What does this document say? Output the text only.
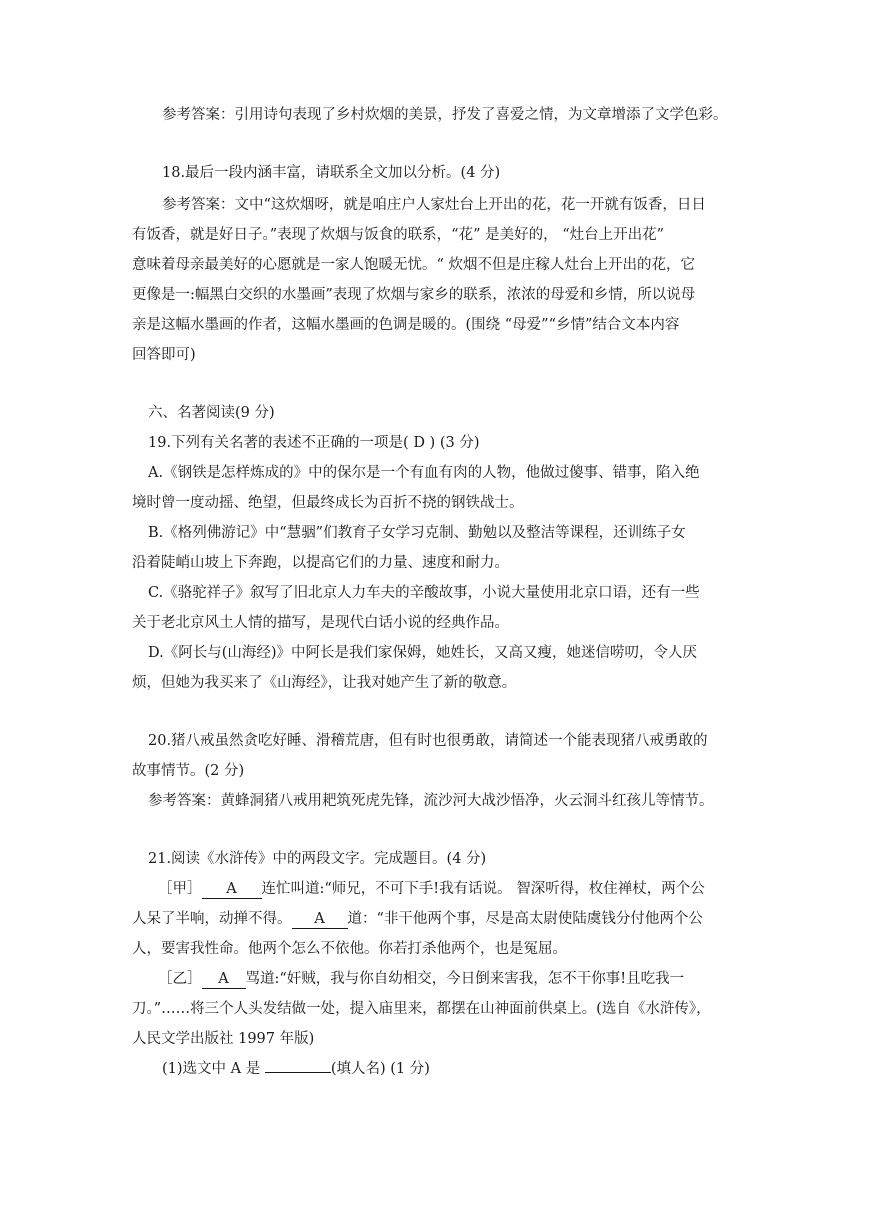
参考答案：引用诗句表现了乡村炊烟的美景，抒发了喜爱之情，为文章增添了文学色彩。
18.最后一段内涵丰富，请联系全文加以分析。(4 分)
参考答案：文中“这炊烟呀，就是咱庄户人家灶台上开出的花，花一开就有饭香，日日
有饭香，就是好日子。”表现了炊烟与饭食的联系，“花” 是美好的， “灶台上开出花”
意味着母亲最美好的心愿就是一家人饱暖无忧。“ 炊烟不但是庄稼人灶台上开出的花，它
更像是一:幅黑白交织的水墨画”表现了炊烟与家乡的联系，浓浓的母爱和乡情，所以说母
亲是这幅水墨画的作者，这幅水墨画的色调是暖的。(围绕 “母爱”“乡情”结合文本内容
回答即可)
六、名著阅读(9 分)
19.下列有关名著的表述不正确的一项是( D ) (3 分)
A.《钢铁是怎样炼成的》中的保尔是一个有血有肉的人物，他做过傻事、错事，陷入绝
境时曾一度动摇、绝望，但最终成长为百折不挠的钢铁战士。
B.《格列佛游记》中“慧骃”们教育子女学习克制、勤勉以及整洁等课程，还训练子女
沿着陡峭山坡上下奔跑，以提高它们的力量、速度和耐力。
C.《骆驼祥子》叙写了旧北京人力车夫的辛酸故事，小说大量使用北京口语，还有一些
关于老北京风土人情的描写，是现代白话小说的经典作品。
D.《阿长与(山海经)》中阿长是我们家保姆，她姓长，又高又瘦，她迷信唠叨，令人厌
烦，但她为我买来了《山海经》，让我对她产生了新的敬意。
20.猪八戒虽然贪吃好睡、滑稽荒唐，但有时也很勇敢，请简述一个能表现猪八戒勇敢的
故事情节。(2 分)
参考答案：黄蜂洞猪八戒用耙筑死虎先锋，流沙河大战沙悟净，火云洞斗红孩儿等情节。
21.阅读《水浒传》中的两段文字。完成题目。(4 分)
［甲］ A 连忙叫道:“师兄，不可下手!我有话说。 智深听得，枚住禅杖，两个公
人呆了半响，动掸不得。 A 道：“非干他两个事，尽是高太尉使陆虞钱分付他两个公
人，要害我性命。他两个怎么不依他。你若打杀他两个，也是冤屈。
［乙］ A 骂道:“奸贼，我与你自幼相交，今日倒来害我，怎不干你事!且吃我一
刀。”……将三个人头发结做一处，提入庙里来，都摆在山神面前供桌上。(选自《水浒传》，
人民文学出版社 1997 年版)
(1)选文中 A 是	(填人名) (1 分)
